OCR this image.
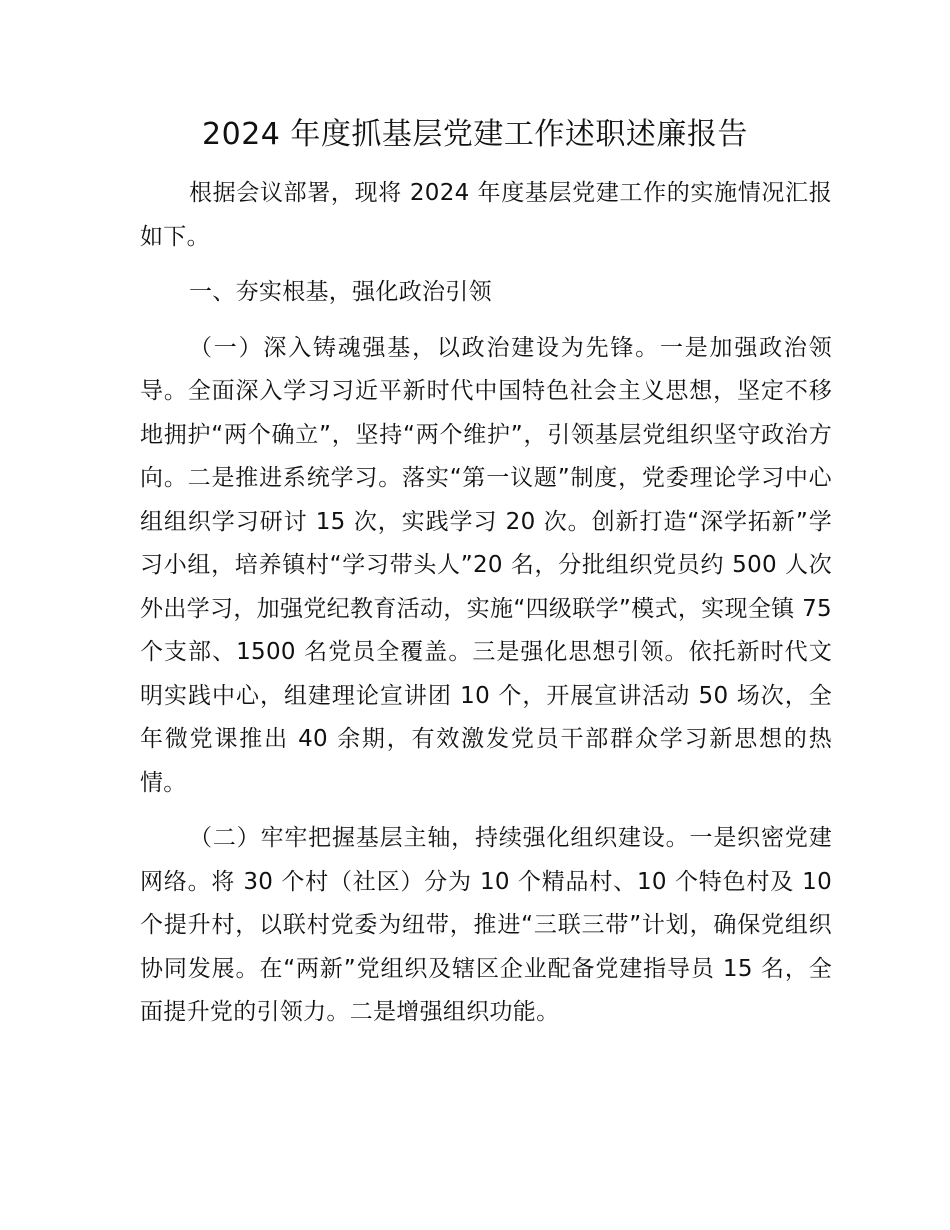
2024 年度抓基层党建工作述职述廉报告

根据会议部署，现将 2024 年度基层党建工作的实施情况汇报如下。

一、夯实根基，强化政治引领

（一）深入铸魂强基，以政治建设为先锋。一是加强政治领导。全面深入学习习近平新时代中国特色社会主义思想，坚定不移地拥护“两个确立”，坚持“两个维护”，引领基层党组织坚守政治方向。二是推进系统学习。落实“第一议题”制度，党委理论学习中心组组织学习研讨 15 次，实践学习 20 次。创新打造“深学拓新”学习小组，培养镇村“学习带头人”20 名，分批组织党员约 500 人次外出学习，加强党纪教育活动，实施“四级联学”模式，实现全镇 75 个支部、1500 名党员全覆盖。三是强化思想引领。依托新时代文明实践中心，组建理论宣讲团 10 个，开展宣讲活动 50 场次，全年微党课推出 40 余期，有效激发党员干部群众学习新思想的热情。

（二）牢牢把握基层主轴，持续强化组织建设。一是织密党建网络。将 30 个村（社区）分为 10 个精品村、10 个特色村及 10 个提升村，以联村党委为纽带，推进“三联三带”计划，确保党组织协同发展。在“两新”党组织及辖区企业配备党建指导员 15 名，全面提升党的引领力。二是增强组织功能。
